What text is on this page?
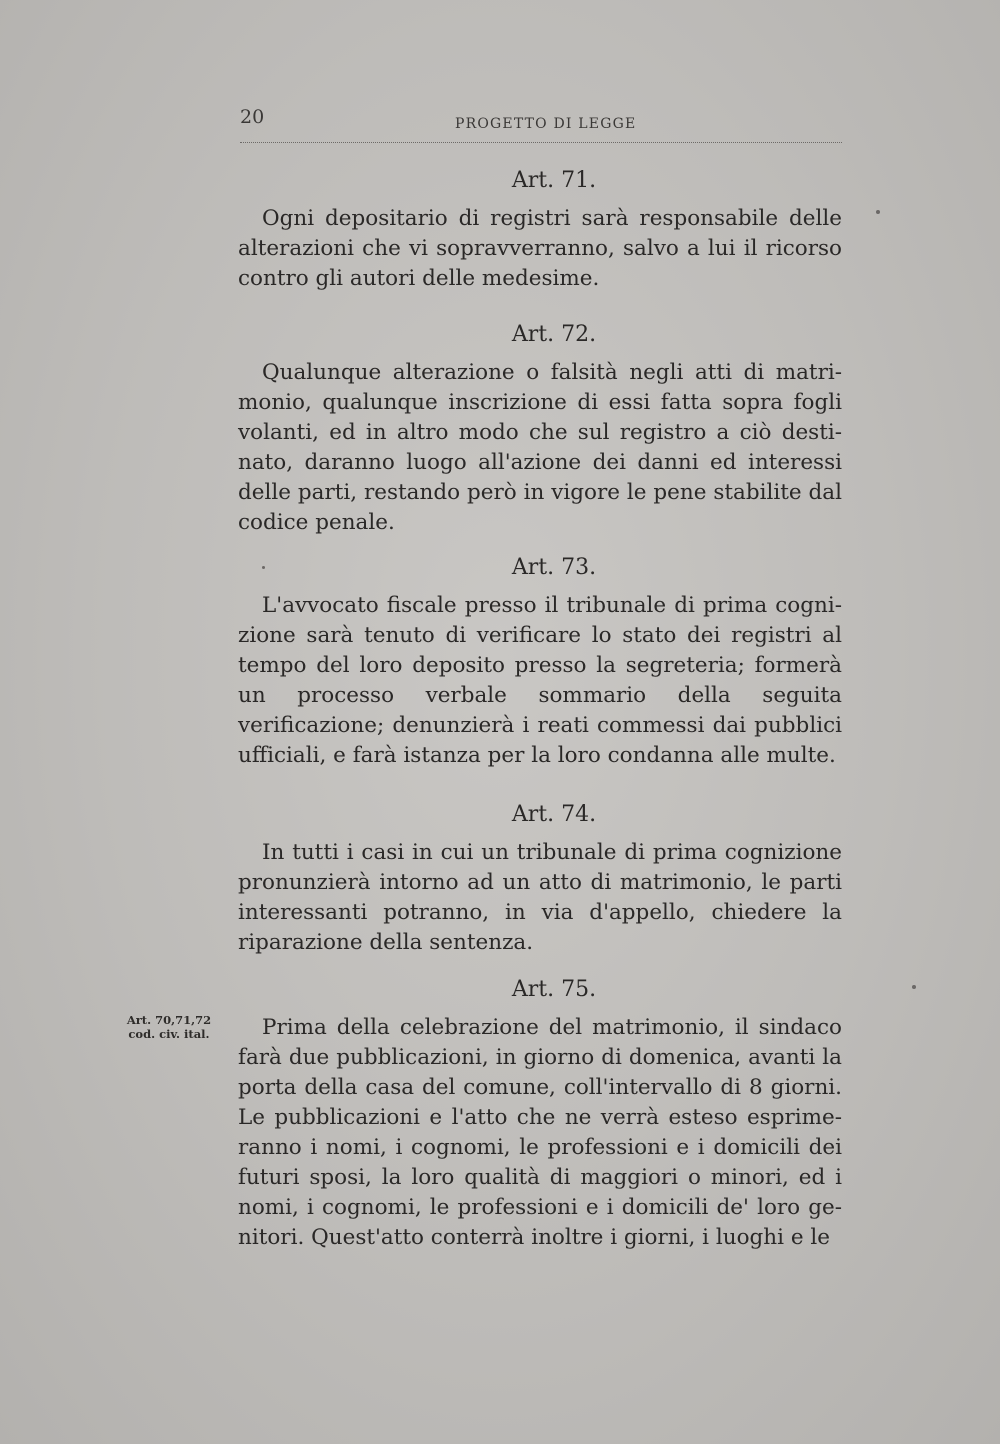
20	PROGETTO DI LEGGE
Art. 71.

Ogni depositario di registri sarà responsabile delle alterazioni che vi sopravverranno, salvo a lui il ricorso contro gli autori delle medesime.

Art. 72.

Qualunque alterazione o falsità negli atti di matrimonio, qualunque inscrizione di essi fatta sopra fogli volanti, ed in altro modo che sul registro a ciò destinato, daranno luogo all'azione dei danni ed interessi delle parti, restando però in vigore le pene stabilite dal codice penale.

Art. 73.

L'avvocato fiscale presso il tribunale di prima cognizione sarà tenuto di verificare lo stato dei registri al tempo del loro deposito presso la segreteria; formerà un processo verbale sommario della seguita verificazione; denunzierà i reati commessi dai pubblici ufficiali, e farà istanza per la loro condanna alle multe.

Art. 74.

In tutti i casi in cui un tribunale di prima cognizione pronunzierà intorno ad un atto di matrimonio, le parti interessanti potranno, in via d'appello, chiedere la riparazione della sentenza.

Art. 75.

Prima della celebrazione del matrimonio, il sindaco farà due pubblicazioni, in giorno di domenica, avanti la porta della casa del comune, coll'intervallo di 8 giorni. Le pubblicazioni e l'atto che ne verrà esteso esprimeranno i nomi, i cognomi, le professioni e i domicili dei futuri sposi, la loro qualità di maggiori o minori, ed i nomi, i cognomi, le professioni e i domicili de' loro genitori. Quest'atto conterrà inoltre i giorni, i luoghi e le

Art. 70,71,72
cod. civ. ital.
